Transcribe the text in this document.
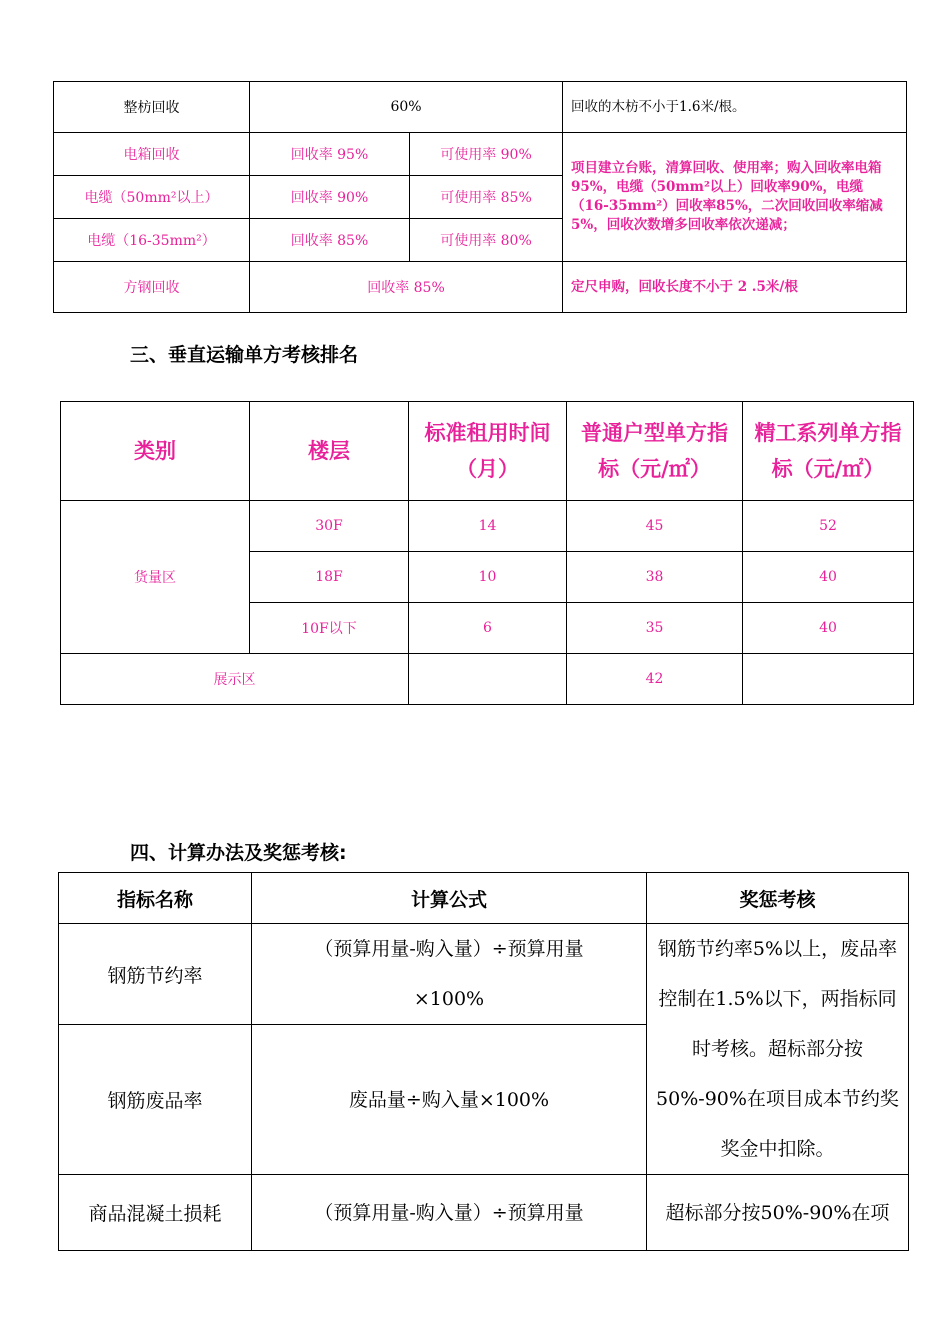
整枋回收	60%		回收的木枋不小于1.6米/根。
电箱回收	回收率 95%	可使用率 90%	项目建立台账，清算回收、使用率；购入回收率电箱95%，电缆（50mm²以上）回收率90%，电缆（16-35mm²）回收率85%，二次回收回收率缩减5%，回收次数增多回收率依次递减；
电缆（50mm²以上）	回收率 90%	可使用率 85%	
电缆（16-35mm²）	回收率 85%	可使用率 80%	
方钢回收	回收率 85%		定尺申购，回收长度不小于 2 .5米/根
三、垂直运输单方考核排名
类别	楼层	标准租用时间（月）	普通户型单方指标（元/㎡）	精工系列单方指标（元/㎡）
货量区	30F	14	45	52
	18F	10	38	40
	10F以下	6	35	40
展示区			42	
四、计算办法及奖惩考核:
指标名称	计算公式	奖惩考核
钢筋节约率	（预算用量-购入量）÷预算用量×100%	钢筋节约率5%以上，废品率控制在1.5%以下，两指标同时考核。超标部分按50%-90%在项目成本节约奖奖金中扣除。
钢筋废品率	废品量÷购入量×100%	
商品混凝土损耗	（预算用量-购入量）÷预算用量	超标部分按50%-90%在项
